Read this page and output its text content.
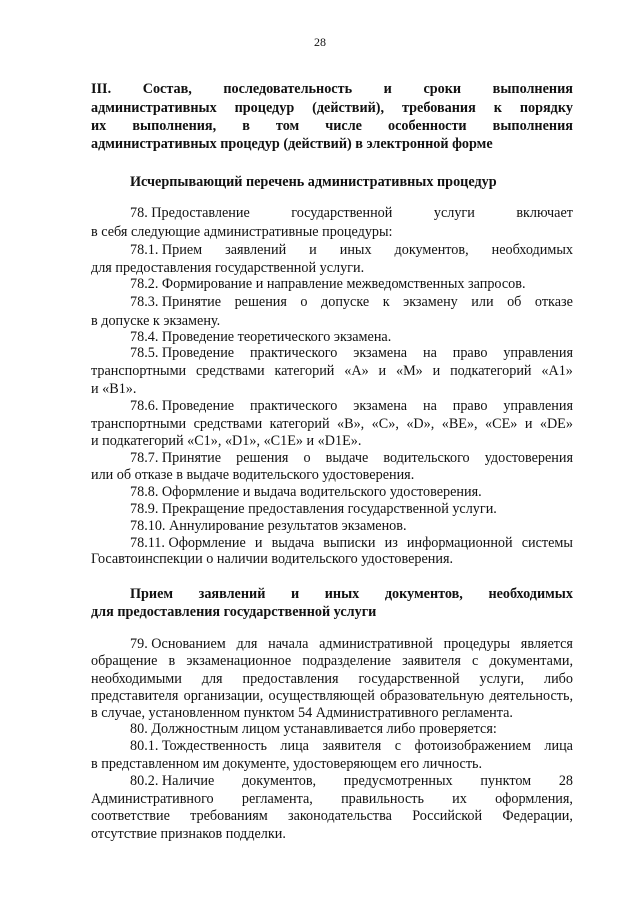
28
III. Состав, последовательность и сроки выполнения
административных процедур (действий), требования к порядку
их выполнения, в том числе особенности выполнения
административных процедур (действий) в электронной форме
Исчерпывающий перечень административных процедур
78. Предоставление	государственной	услуги	включает
в себя следующие административные процедуры:
78.1. Прием заявлений и иных документов, необходимых
для предоставления государственной услуги.
78.2. Формирование и направление межведомственных запросов.
78.3. Принятие решения о допуске к экзамену или об отказе
в допуске к экзамену.
78.4. Проведение теоретического экзамена.
78.5. Проведение практического экзамена на право управления
транспортными средствами категорий «А» и «М» и подкатегорий «А1»
и «В1».
78.6. Проведение практического экзамена на право управления
транспортными средствами категорий «В», «С», «D», «ВЕ», «СЕ» и «DE»
и подкатегорий «С1», «D1», «С1Е» и «D1Е».
78.7. Принятие решения о выдаче водительского удостоверения
или об отказе в выдаче водительского удостоверения.
78.8. Оформление и выдача водительского удостоверения.
78.9. Прекращение предоставления государственной услуги.
78.10. Аннулирование результатов экзаменов.
78.11. Оформление и выдача выписки из информационной системы
Госавтоинспекции о наличии водительского удостоверения.
Прием заявлений и иных документов, необходимых
для предоставления государственной услуги
79. Основанием для начала административной процедуры является
обращение в экзаменационное подразделение заявителя с документами,
необходимыми для предоставления государственной услуги, либо
представителя организации, осуществляющей образовательную деятельность,
в случае, установленном пунктом 54 Административного регламента.
80. Должностным лицом устанавливается либо проверяется:
80.1. Тождественность лица заявителя с фотоизображением лица
в представленном им документе, удостоверяющем его личность.
80.2. Наличие документов, предусмотренных пунктом 28
Административного регламента, правильность их оформления,
соответствие требованиям законодательства Российской Федерации,
отсутствие признаков подделки.
